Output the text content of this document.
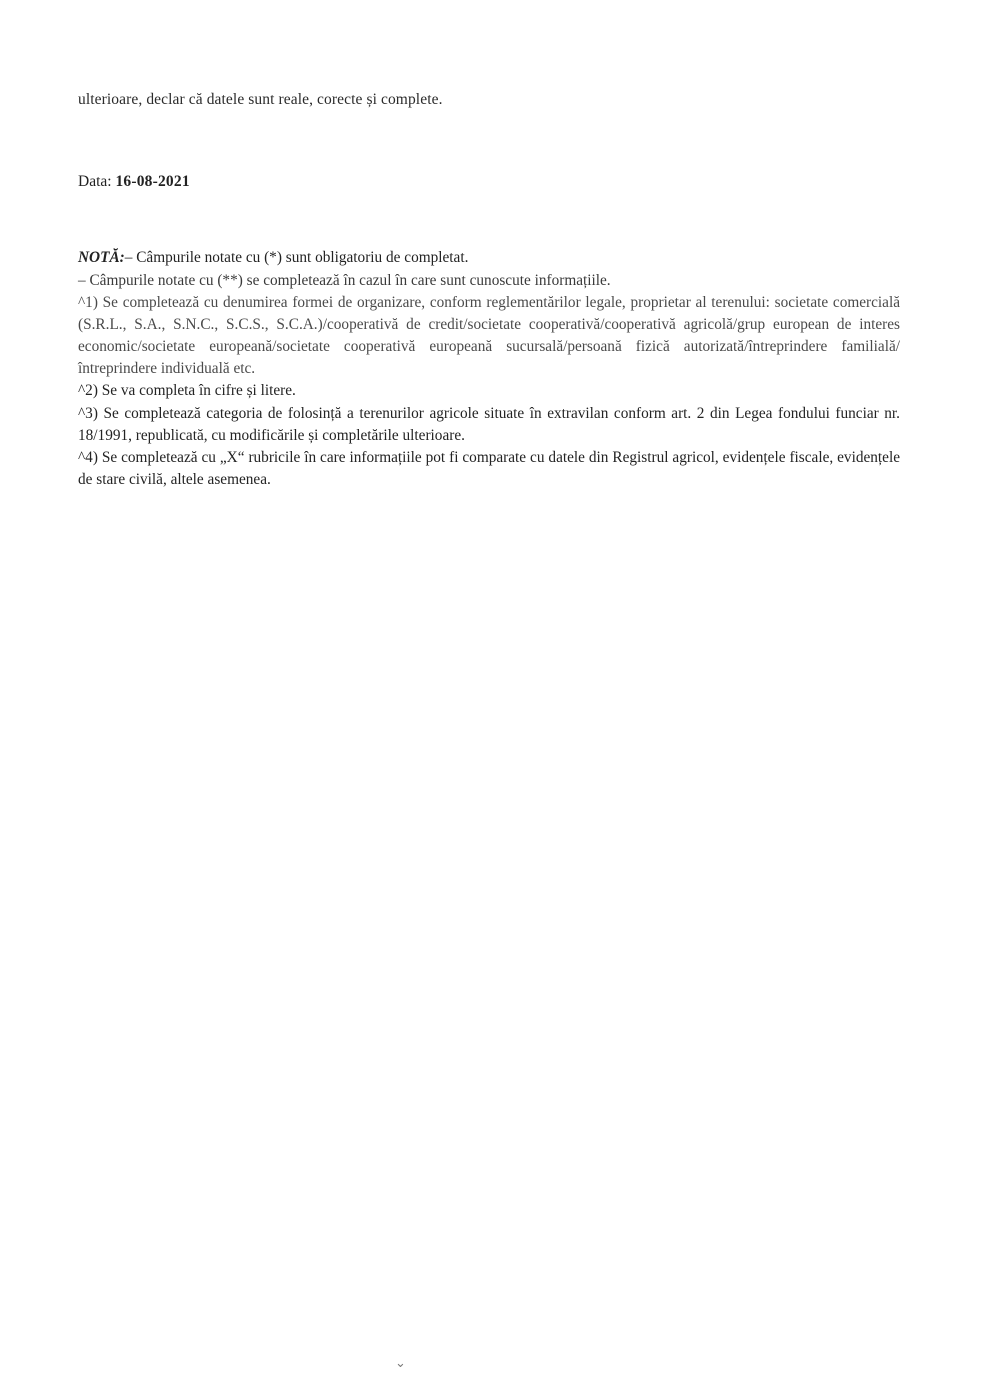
ulterioare, declar că datele sunt reale, corecte și complete.
Data: 16-08-2021
NOTĂ:– Câmpurile notate cu (*) sunt obligatoriu de completat.
– Câmpurile notate cu (**) se completează în cazul în care sunt cunoscute informațiile.
^1) Se completează cu denumirea formei de organizare, conform reglementărilor legale, proprietar al terenului: societate comercială (S.R.L., S.A., S.N.C., S.C.S., S.C.A.)/cooperativă de credit/societate cooperativă/cooperativă agricolă/grup european de interes economic/societate europeană/societate cooperativă europeană sucursală/persoană fizică autorizată/întreprindere familială/întreprindere individuală etc.
^2) Se va completa în cifre și litere.
^3) Se completează categoria de folosință a terenurilor agricole situate în extravilan conform art. 2 din Legea fondului funciar nr. 18/1991, republicată, cu modificările și completările ulterioare.
^4) Se completează cu „X“ rubricile în care informațiile pot fi comparate cu datele din Registrul agricol, evidențele fiscale, evidențele de stare civilă, altele asemenea.
⌄
